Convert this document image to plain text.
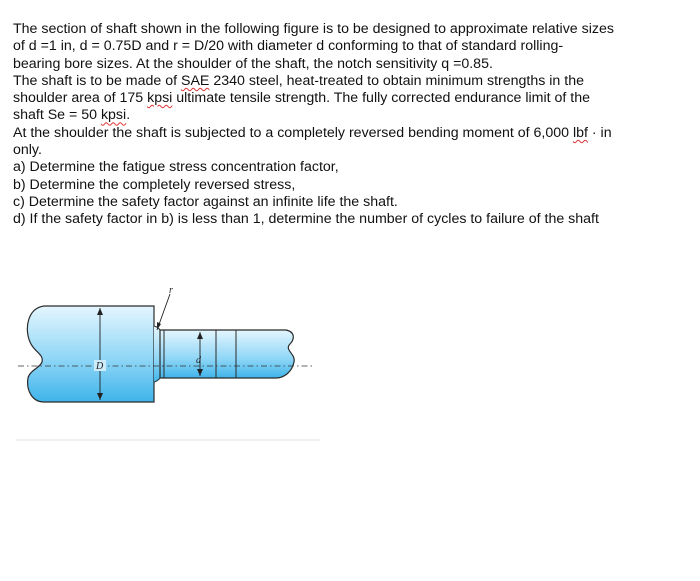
The section of shaft shown in the following figure is to be designed to approximate relative sizes

of d =1 in, d = 0.75D and r = D/20 with diameter d conforming to that of standard rolling-

bearing bore sizes. At the shoulder of the shaft, the notch sensitivity q =0.85.

The shaft is to be made of SAE 2340 steel, heat-treated to obtain minimum strengths in the

shoulder area of 175 kpsi ultimate tensile strength. The fully corrected endurance limit of the

shaft Se = 50 kpsi.

At the shoulder the shaft is subjected to a completely reversed bending moment of 6,000 lbf · in

only.

a) Determine the fatigue stress concentration factor,

b) Determine the completely reversed stress,

c) Determine the safety factor against an infinite life the shaft.

d) If the safety factor in b) is less than 1, determine the number of cycles to failure of the shaft

D
d
r
